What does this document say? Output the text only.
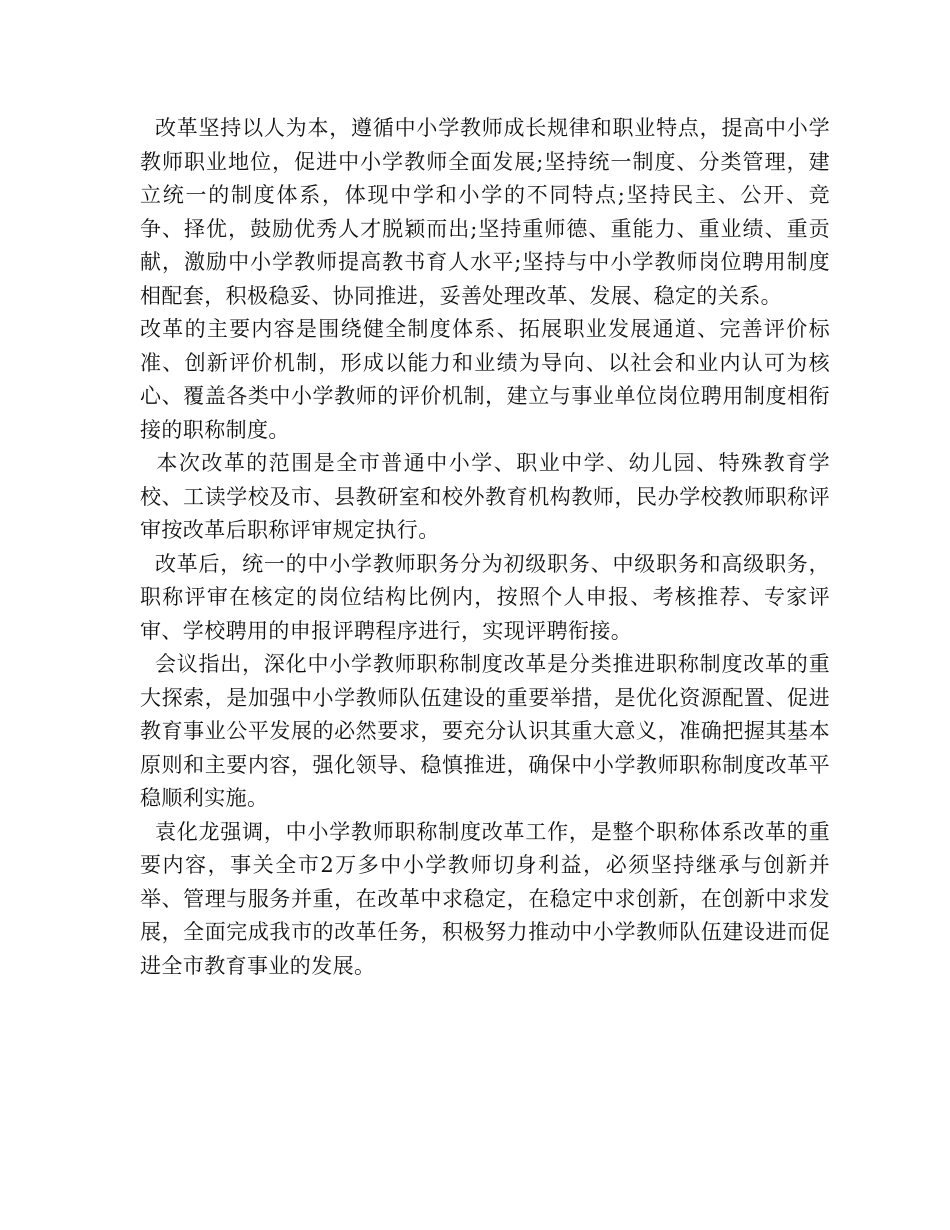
改革坚持以人为本，遵循中小学教师成长规律和职业特点，提高中小学教师职业地位，促进中小学教师全面发展;坚持统一制度、分类管理，建立统一的制度体系，体现中学和小学的不同特点;坚持民主、公开、竞争、择优，鼓励优秀人才脱颖而出;坚持重师德、重能力、重业绩、重贡献，激励中小学教师提高教书育人水平;坚持与中小学教师岗位聘用制度相配套，积极稳妥、协同推进，妥善处理改革、发展、稳定的关系。

改革的主要内容是围绕健全制度体系、拓展职业发展通道、完善评价标准、创新评价机制，形成以能力和业绩为导向、以社会和业内认可为核心、覆盖各类中小学教师的评价机制，建立与事业单位岗位聘用制度相衔接的职称制度。

本次改革的范围是全市普通中小学、职业中学、幼儿园、特殊教育学校、工读学校及市、县教研室和校外教育机构教师，民办学校教师职称评审按改革后职称评审规定执行。

改革后，统一的中小学教师职务分为初级职务、中级职务和高级职务，职称评审在核定的岗位结构比例内，按照个人申报、考核推荐、专家评审、学校聘用的申报评聘程序进行，实现评聘衔接。

会议指出，深化中小学教师职称制度改革是分类推进职称制度改革的重大探索，是加强中小学教师队伍建设的重要举措，是优化资源配置、促进教育事业公平发展的必然要求，要充分认识其重大意义，准确把握其基本原则和主要内容，强化领导、稳慎推进，确保中小学教师职称制度改革平稳顺利实施。

袁化龙强调，中小学教师职称制度改革工作，是整个职称体系改革的重要内容，事关全市2万多中小学教师切身利益，必须坚持继承与创新并举、管理与服务并重，在改革中求稳定，在稳定中求创新，在创新中求发展，全面完成我市的改革任务，积极努力推动中小学教师队伍建设进而促进全市教育事业的发展。
